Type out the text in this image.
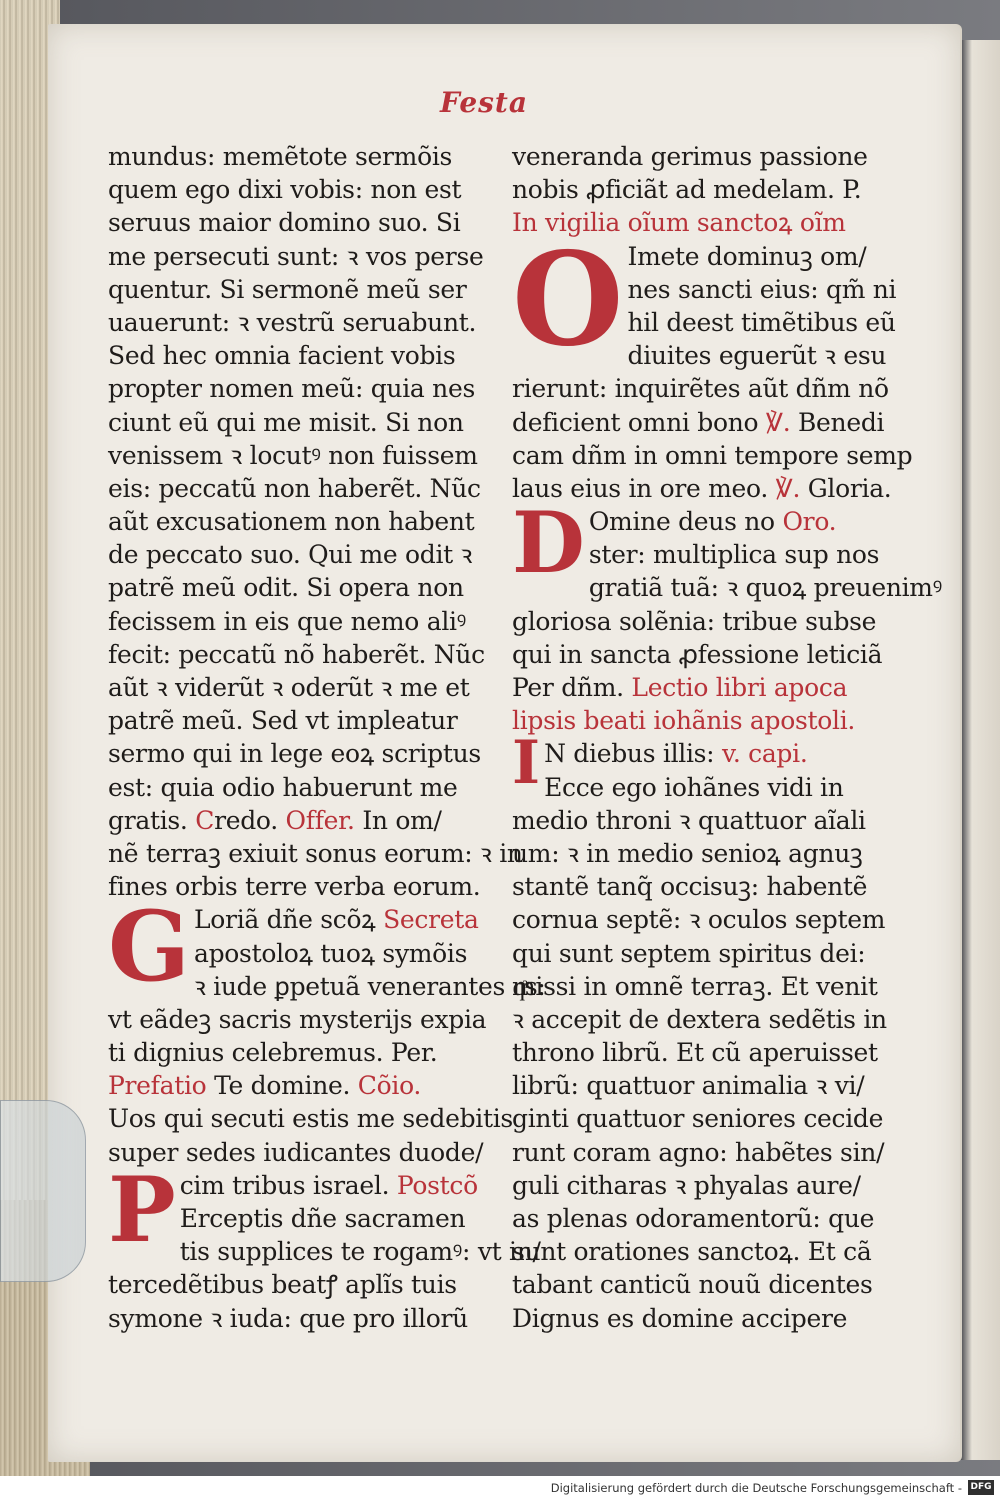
Festa
mundus: memẽtote sermõis
quem ego dixi vobis: non est
seruus maior domino suo. Si
me persecuti sunt: ꝛ vos perse
quentur. Si sermonẽ meũ ser
uauerunt: ꝛ vestrũ seruabunt.
Sed hec omnia facient vobis
propter nomen meũ: quia nes
ciunt eũ qui me misit. Si non
venissem ꝛ locutꝰ non fuissem
eis: peccatũ non haberẽt. Nũc
aũt excusationem non habent
de peccato suo. Qui me odit ꝛ
patrẽ meũ odit. Si opera non
fecissem in eis que nemo aliꝰ
fecit: peccatũ nõ haberẽt. Nũc
aũt ꝛ viderũt ꝛ oderũt ꝛ me et
patrẽ meũ. Sed vt impleatur
sermo qui in lege eoꝝ scriptus
est: quia odio habuerunt me
gratis. Credo. Offer. In om/
nẽ terraꝫ exiuit sonus eorum: ꝛ in
fines orbis terre verba eorum.
G Loriã dñe scõꝝ Secreta
apostoloꝝ tuoꝝ symõis
ꝛ iude ꝑpetuã venerantes qͣs:
vt eãdeꝫ sacris mysterijs expia
ti dignius celebremus. Per.
Prefatio Te domine. Cõio.
Uos qui secuti estis me sedebitis
super sedes iudicantes duode/
P cim tribus israel. Postcõ
Erceptis dñe sacramen
tis supplices te rogamꝰ: vt in/
tercedẽtibus beatꝭ aplĩs tuis
symone ꝛ iuda: que pro illorũ
veneranda gerimus passione
nobis ꝓficiãt ad medelam. P.
In vigilia oĩum sanctoꝝ oĩm
O Imete dominuꝫ om/
nes sancti eius: qm̃ ni
hil deest timẽtibus eũ
diuites eguerũt ꝛ esu
rierunt: inquirẽtes aũt dñm nõ
deficient omni bono ℣. Benedi
cam dñm in omni tempore semp
laus eius in ore meo. ℣. Gloria.
D Omine deus no Oro.
ster: multiplica sup nos
gratiã tuã: ꝛ quoꝝ preuenimꝰ
gloriosa solẽnia: tribue subse
qui in sancta ꝓfessione leticiã
Per dñm. Lectio libri apoca
lipsis beati iohãnis apostoli.
I N diebus illis: v. capi.
Ecce ego iohãnes vidi in
medio throni ꝛ quattuor aĩali
um: ꝛ in medio senioꝝ agnuꝫ
stantẽ tanq̃ occisuꝫ: habentẽ
cornua septẽ: ꝛ oculos septem
qui sunt septem spiritus dei:
missi in omnẽ terraꝫ. Et venit
ꝛ accepit de dextera sedẽtis in
throno librũ. Et cũ aperuisset
librũ: quattuor animalia ꝛ vi/
ginti quattuor seniores cecide
runt coram agno: habẽtes sin/
guli citharas ꝛ phyalas aure/
as plenas odoramentorũ: que
sunt orationes sanctoꝝ. Et cã
tabant canticũ nouũ dicentes
Dignus es domine accipere
Digitalisierung gefördert durch die Deutsche Forschungsgemeinschaft - DFG
